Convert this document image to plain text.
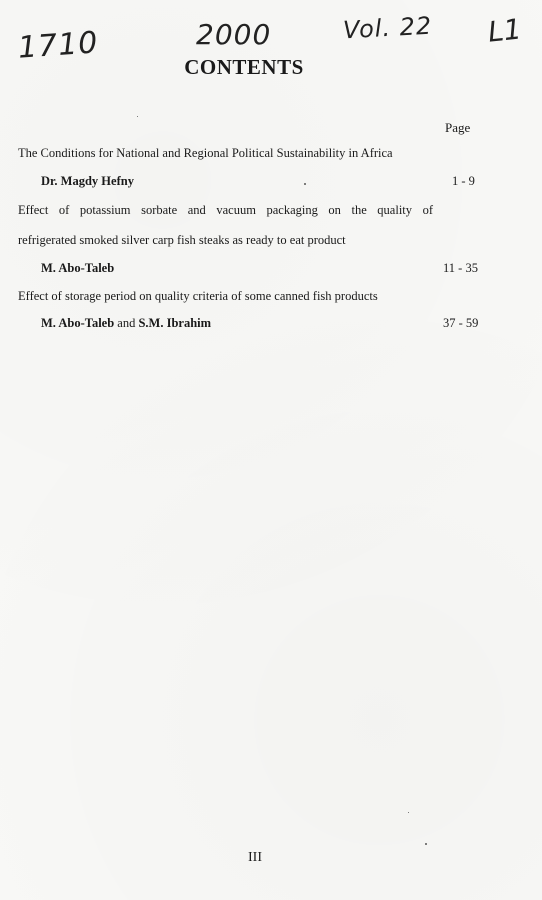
1710	2000	Vol. 22 L1
CONTENTS
Page
The Conditions for National and Regional Political Sustainability in Africa
Dr. Magdy Hefny	1 - 9
Effect of potassium sorbate and vacuum packaging on the quality of
refrigerated smoked silver carp fish steaks as ready to eat product
M. Abo-Taleb	11 - 35
Effect of storage period on quality criteria of some canned fish products
M. Abo-Taleb and S.M. Ibrahim	37 - 59
III
